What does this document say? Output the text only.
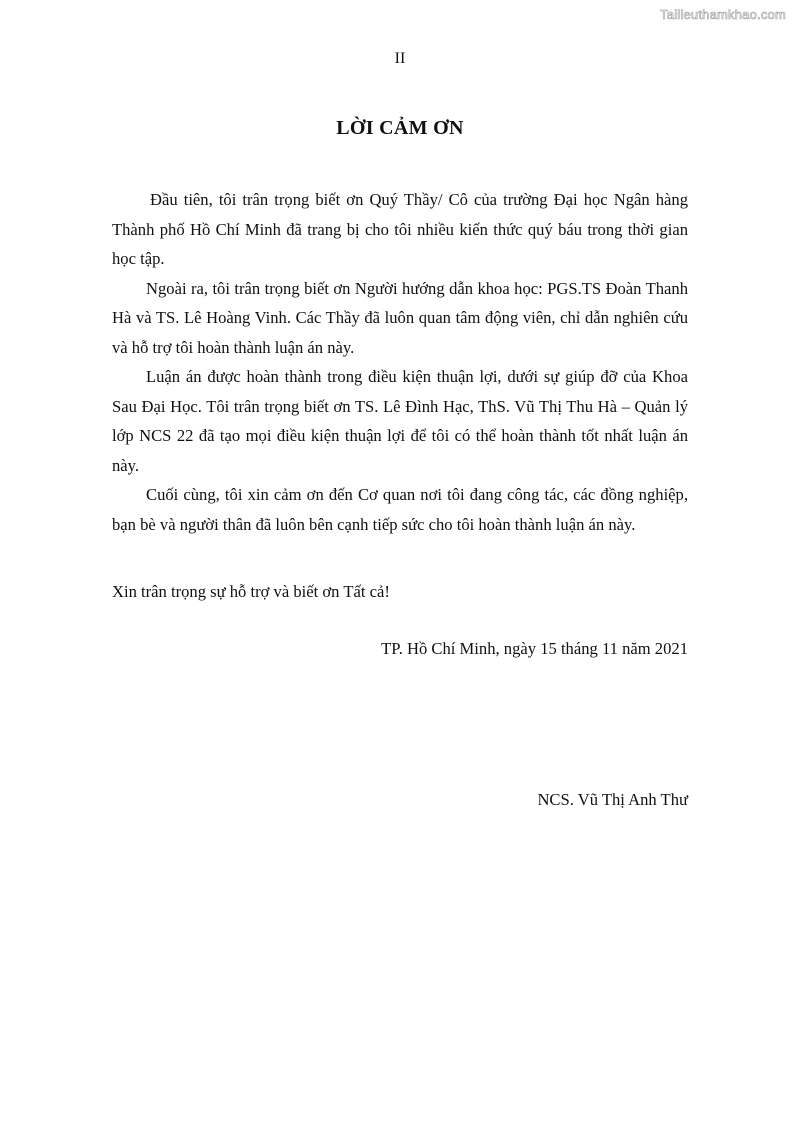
Tailieuthamkhao.com
II
LỜI CẢM ƠN

Đầu tiên, tôi trân trọng biết ơn Quý Thầy/ Cô của trường Đại học Ngân hàng Thành phố Hồ Chí Minh đã trang bị cho tôi nhiều kiến thức quý báu trong thời gian học tập.

Ngoài ra, tôi trân trọng biết ơn Người hướng dẫn khoa học: PGS.TS Đoàn Thanh Hà và TS. Lê Hoàng Vinh. Các Thầy đã luôn quan tâm động viên, chỉ dẫn nghiên cứu và hỗ trợ tôi hoàn thành luận án này.

Luận án được hoàn thành trong điều kiện thuận lợi, dưới sự giúp đỡ của Khoa Sau Đại Học. Tôi trân trọng biết ơn TS. Lê Đình Hạc, ThS. Vũ Thị Thu Hà – Quản lý lớp NCS 22 đã tạo mọi điều kiện thuận lợi để tôi có thể hoàn thành tốt nhất luận án này.

Cuối cùng, tôi xin cảm ơn đến Cơ quan nơi tôi đang công tác, các đồng nghiệp, bạn bè và người thân đã luôn bên cạnh tiếp sức cho tôi hoàn thành luận án này.

Xin trân trọng sự hỗ trợ và biết ơn Tất cả!
TP. Hồ Chí Minh, ngày 15 tháng 11 năm 2021
NCS. Vũ Thị Anh Thư
